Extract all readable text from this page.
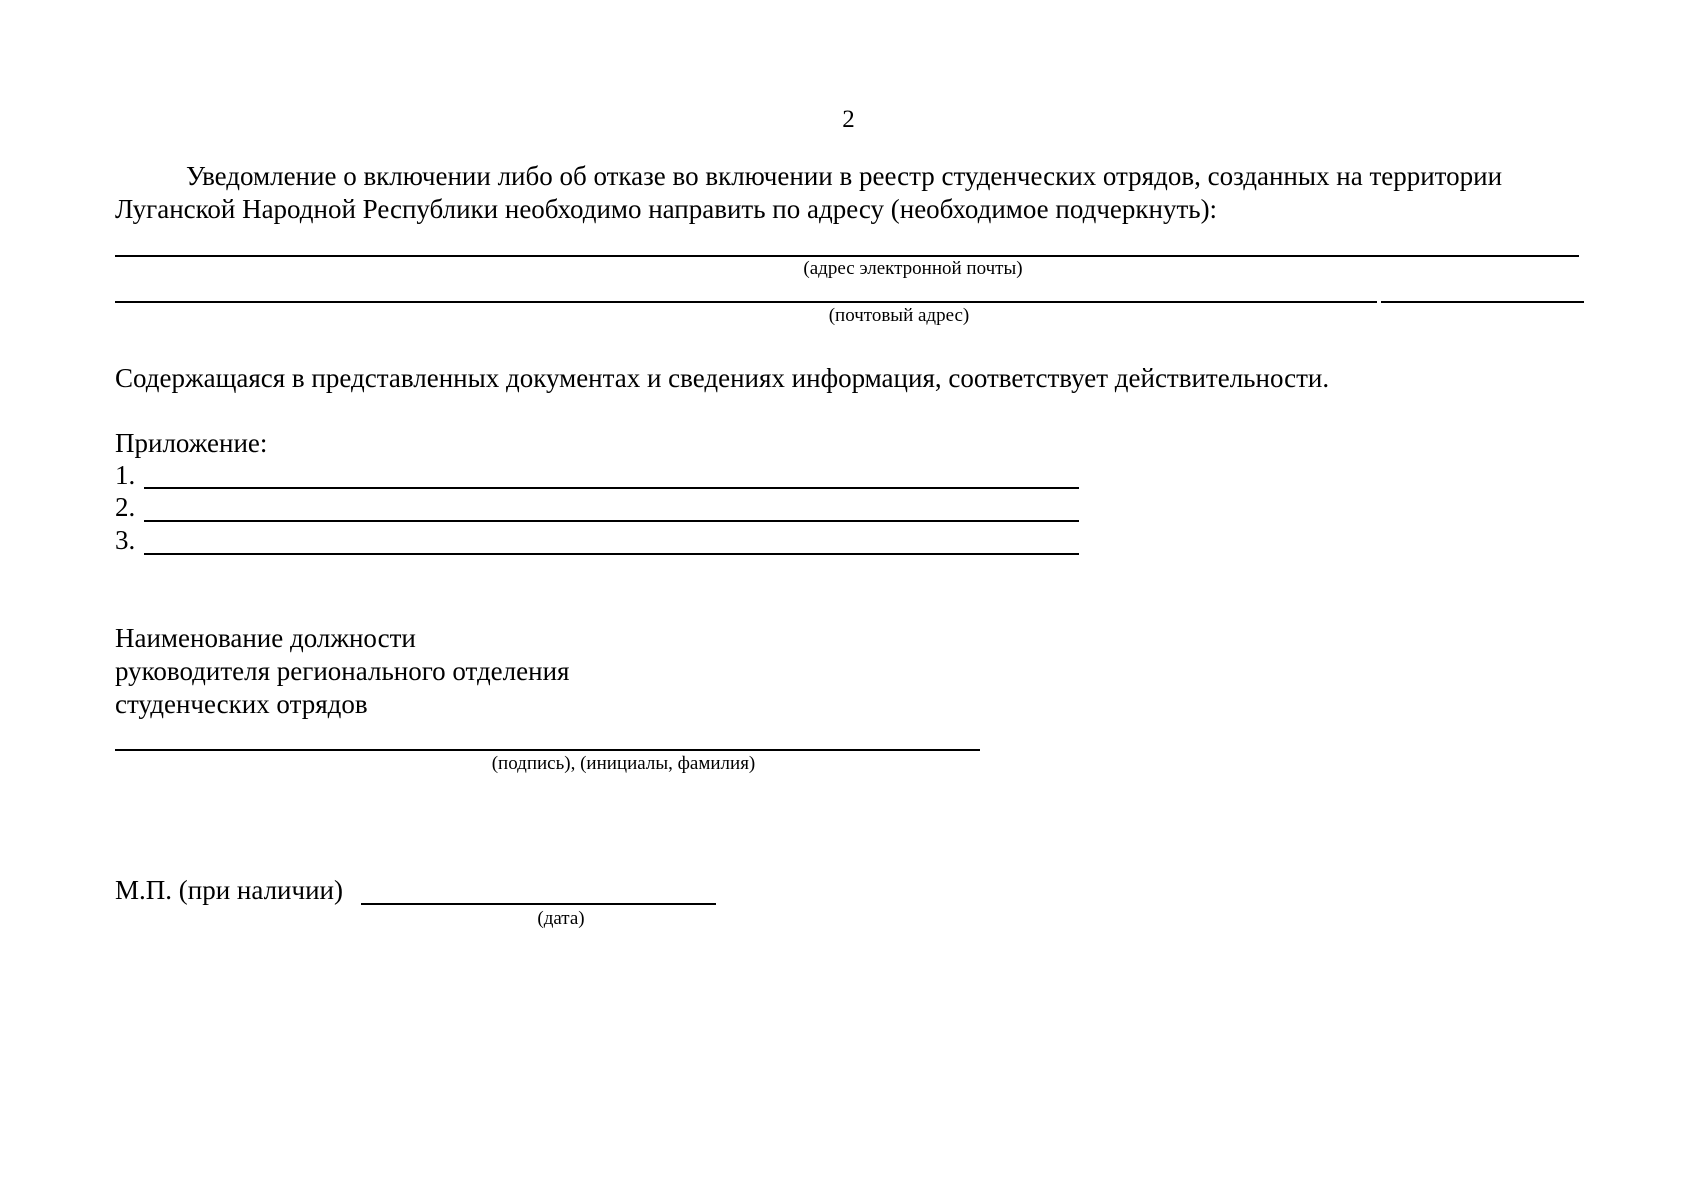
2
Уведомление о включении либо об отказе во включении в реестр студенческих отрядов, созданных на территории
Луганской Народной Республики необходимо направить по адресу (необходимое подчеркнуть):
(адрес электронной почты)
(почтовый адрес)
Содержащаяся в представленных документах и сведениях информация, соответствует действительности.
Приложение:
1.
2.
3.
Наименование должности
руководителя регионального отделения
студенческих отрядов
(подпись), (инициалы, фамилия)
М.П. (при наличии)
(дата)
